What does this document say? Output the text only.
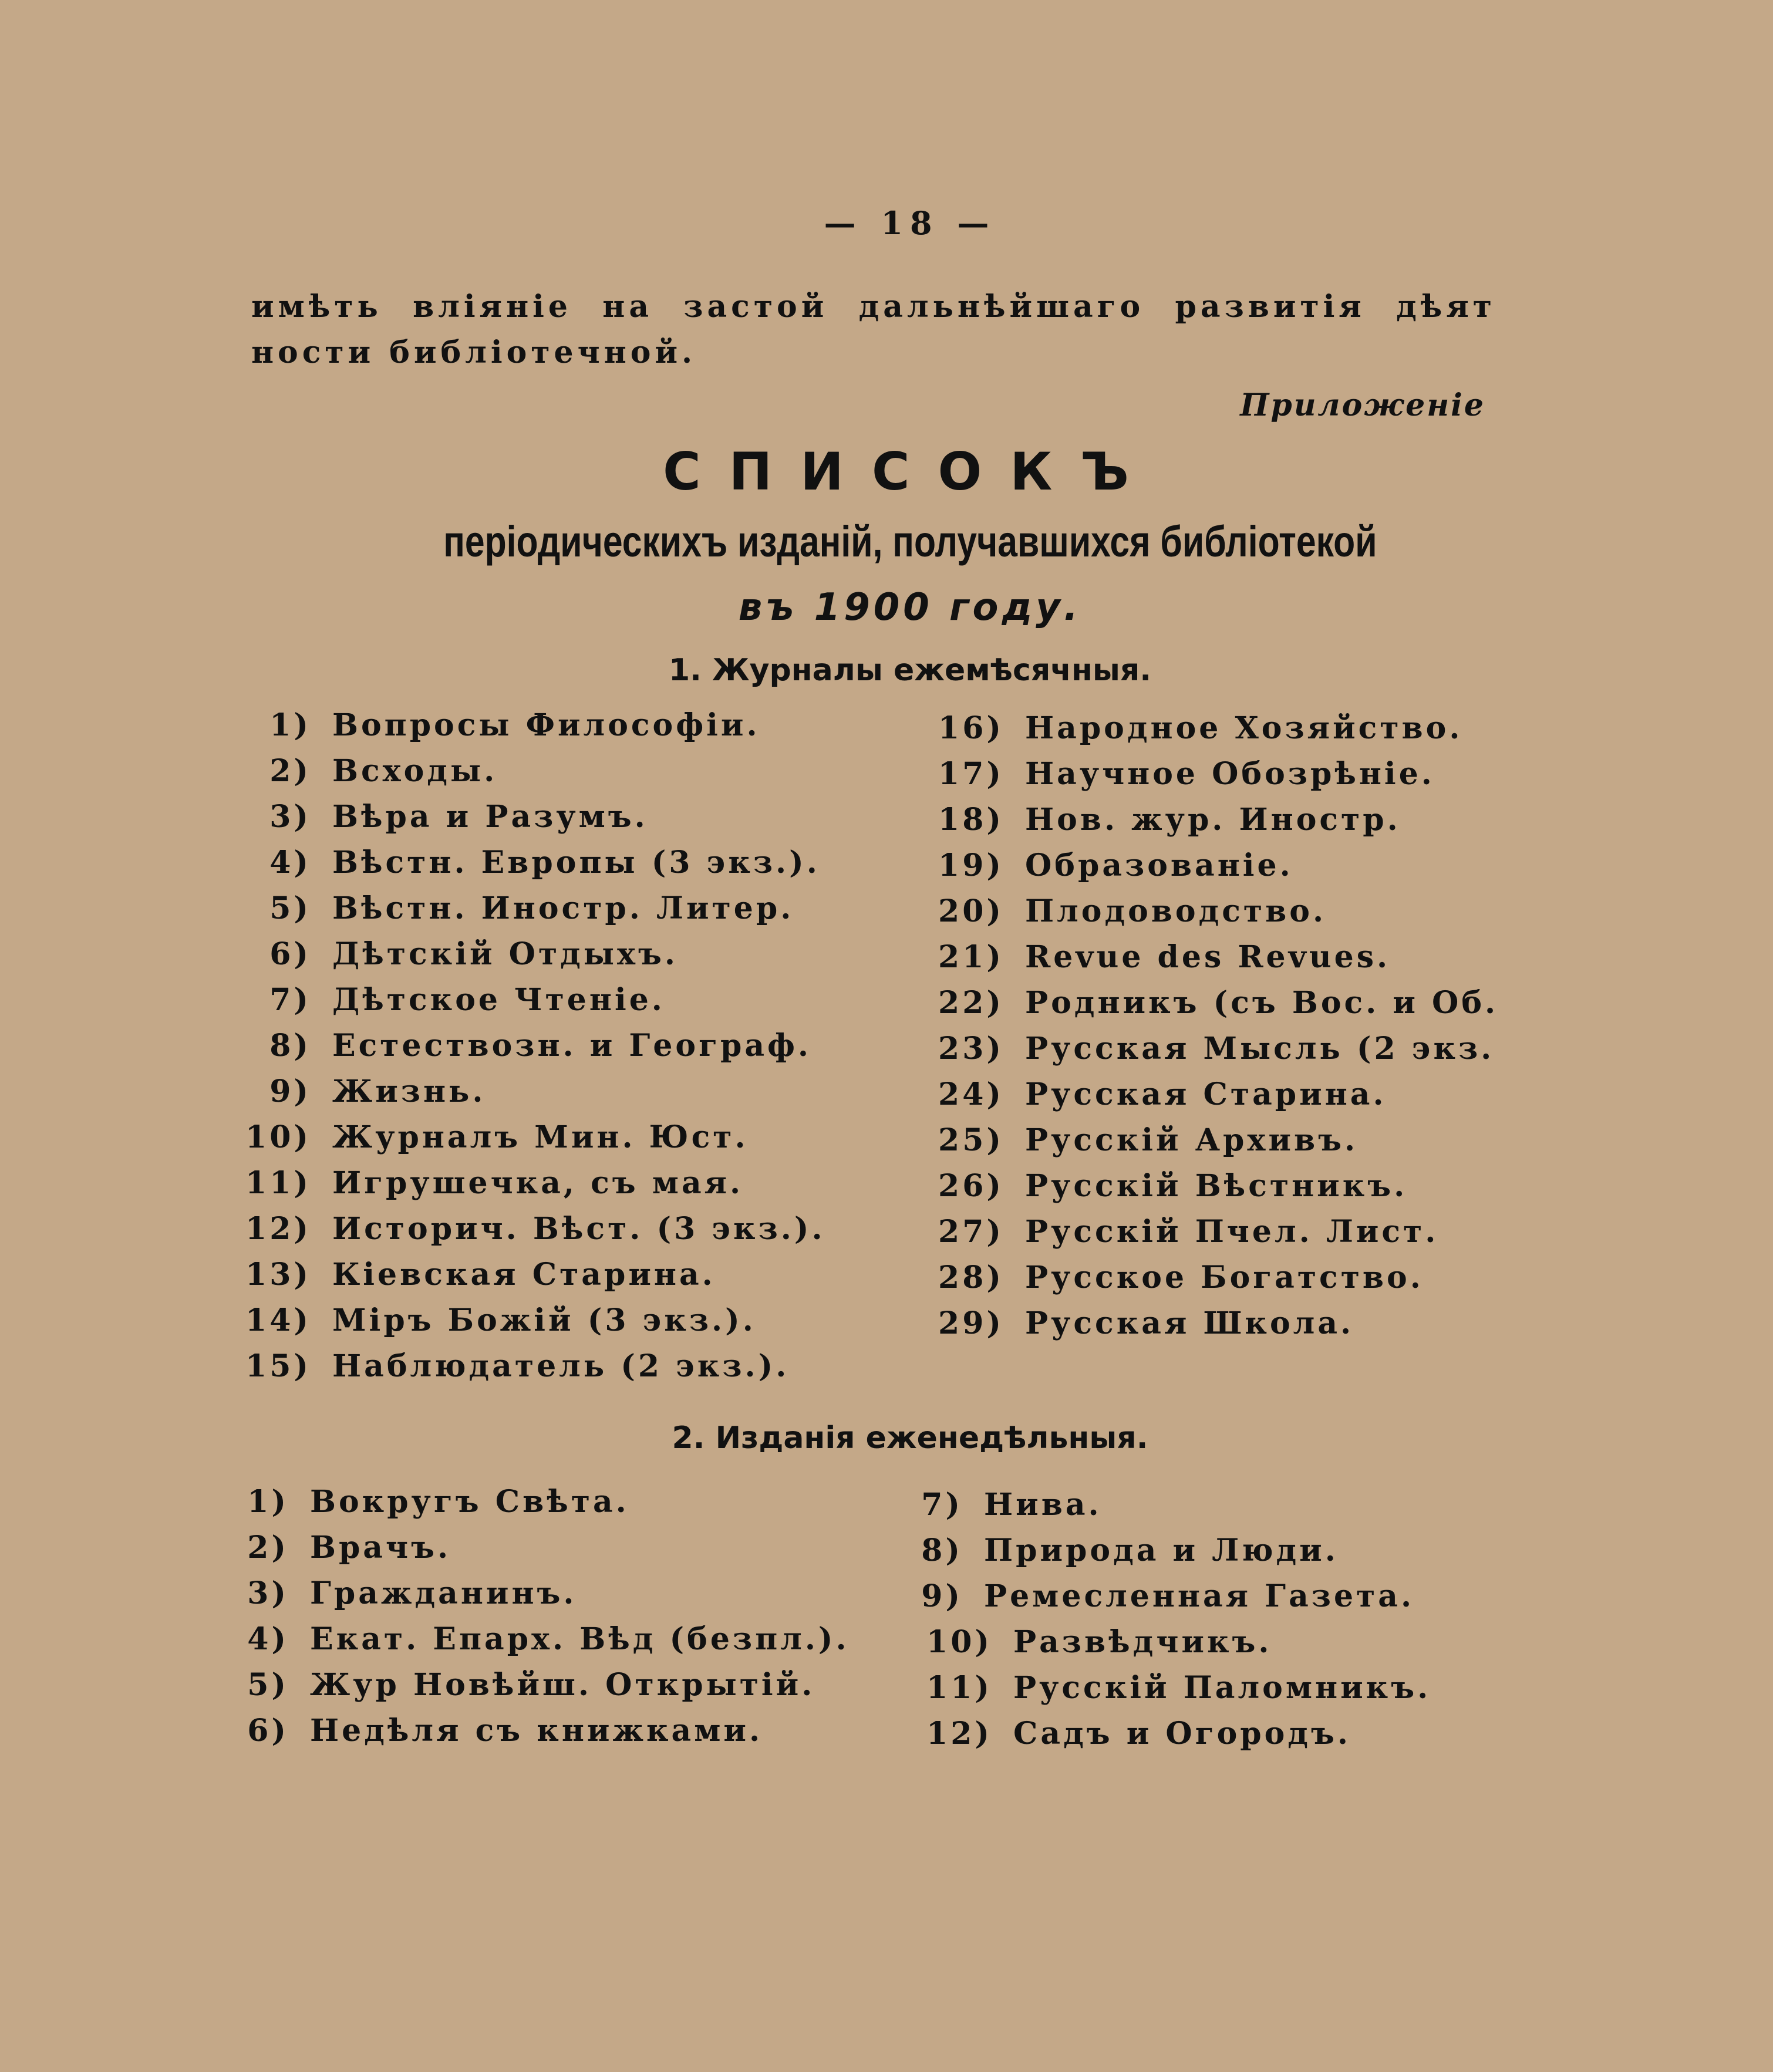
— 18 —
имѣть вліяніе на застой дальнѣйшаго развитія дѣят
ности библіотечной.
Приложеніе
СПИСОКЪ
періодическихъ изданій, получавшихся библіотекой
въ 1900 году.
1. Журналы ежемѣсячныя.
1) Вопросы Философіи.
2) Всходы.
3) Вѣра и Разумъ.
4) Вѣстн. Европы (3 экз.).
5) Вѣстн. Иностр. Литер.
6) Дѣтскій Отдыхъ.
7) Дѣтское Чтеніе.
8) Естествозн. и Географ.
9) Жизнь.
10) Журналъ Мин. Юст.
11) Игрушечка, съ мая.
12) Историч. Вѣст. (3 экз.).
13) Кіевская Старина.
14) Міръ Божій (3 экз.).
15) Наблюдатель (2 экз.).
16) Народное Хозяйство.
17) Научное Обозрѣніе.
18) Нов. жур. Иностр.
19) Образованіе.
20) Плодоводство.
21) Revue des Revues.
22) Родникъ (съ Вос. и Об.
23) Русская Мысль (2 экз.
24) Русская Старина.
25) Русскій Архивъ.
26) Русскій Вѣстникъ.
27) Русскій Пчел. Лист.
28) Русское Богатство.
29) Русская Школа.
2. Изданія еженедѣльныя.
1) Вокругъ Свѣта.
2) Врачъ.
3) Гражданинъ.
4) Екат. Епарх. Вѣд (безпл.).
5) Жур Новѣйш. Открытій.
6) Недѣля съ книжками.
7) Нива.
8) Природа и Люди.
9) Ремесленная Газета.
10) Развѣдчикъ.
11) Русскій Паломникъ.
12) Садъ и Огородъ.
